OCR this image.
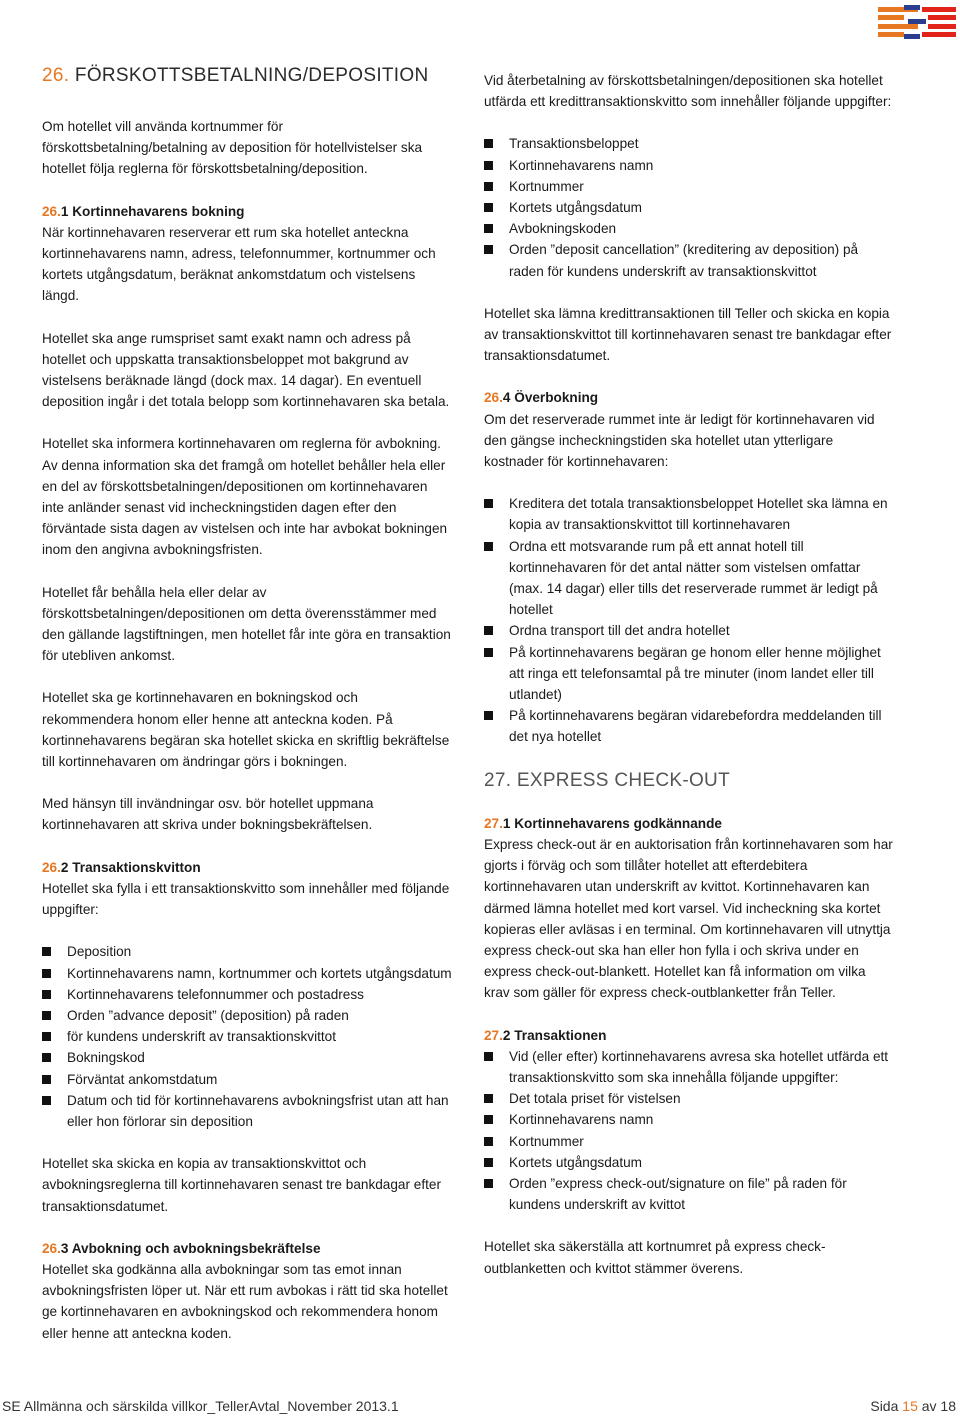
26. FÖRSKOTTSBETALNING/DEPOSITION

Om hotellet vill använda kortnummer för förskottsbetalning/betalning av deposition för hotellvistelser ska hotellet följa reglerna för förskottsbetalning/deposition.

26.1 Kortinnehavarens bokning
När kortinnehavaren reserverar ett rum ska hotellet anteckna kortinnehavarens namn, adress, telefonnummer, kortnummer och kortets utgångsdatum, beräknat ankomstdatum och vistelsens längd.

Hotellet ska ange rumspriset samt exakt namn och adress på hotellet och uppskatta transaktionsbeloppet mot bakgrund av vistelsens beräknade längd (dock max. 14 dagar). En eventuell deposition ingår i det totala belopp som kortinnehavaren ska betala.

Hotellet ska informera kortinnehavaren om reglerna för avbokning. Av denna information ska det framgå om hotellet behåller hela eller en del av förskottsbetalningen/depositionen om kortinnehavaren inte anländer senast vid incheckningstiden dagen efter den förväntade sista dagen av vistelsen och inte har avbokat bokningen inom den angivna avbokningsfristen.

Hotellet får behålla hela eller delar av förskottsbetalningen/depositionen om detta överensstämmer med den gällande lagstiftningen, men hotellet får inte göra en transaktion för utebliven ankomst.

Hotellet ska ge kortinnehavaren en bokningskod och rekommendera honom eller henne att anteckna koden. På kortinnehavarens begäran ska hotellet skicka en skriftlig bekräftelse till kortinnehavaren om ändringar görs i bokningen.

Med hänsyn till invändningar osv. bör hotellet uppmana kortinnehavaren att skriva under bokningsbekräftelsen.

26.2 Transaktionskvitton
Hotellet ska fylla i ett transaktionskvitto som innehåller med följande uppgifter:

Deposition
Kortinnehavarens namn, kortnummer och kortets utgångsdatum
Kortinnehavarens telefonnummer och postadress
Orden ”advance deposit” (deposition) på raden
för kundens underskrift av transaktionskvittot
Bokningskod
Förväntat ankomstdatum
Datum och tid för kortinnehavarens avbokningsfrist utan att han eller hon förlorar sin deposition

Hotellet ska skicka en kopia av transaktionskvittot och avbokningsreglerna till kortinnehavaren senast tre bankdagar efter transaktionsdatumet.

26.3 Avbokning och avbokningsbekräftelse
Hotellet ska godkänna alla avbokningar som tas emot innan avbokningsfristen löper ut. När ett rum avbokas i rätt tid ska hotellet ge kortinnehavaren en avbokningskod och rekommendera honom eller henne att anteckna koden.

Vid återbetalning av förskottsbetalningen/depositionen ska hotellet utfärda ett kredittransaktionskvitto som innehåller följande uppgifter:

Transaktionsbeloppet
Kortinnehavarens namn
Kortnummer
Kortets utgångsdatum
Avbokningskoden
Orden ”deposit cancellation” (kreditering av deposition) på raden för kundens underskrift av transaktionskvittot

Hotellet ska lämna kredittransaktionen till Teller och skicka en kopia av transaktionskvittot till kortinnehavaren senast tre bankdagar efter transaktionsdatumet.

26.4 Överbokning
Om det reserverade rummet inte är ledigt för kortinnehavaren vid den gängse incheckningstiden ska hotellet utan ytterligare kostnader för kortinnehavaren:

Kreditera det totala transaktionsbeloppet Hotellet ska lämna en kopia av transaktionskvittot till kortinnehavaren
Ordna ett motsvarande rum på ett annat hotell till kortinnehavaren för det antal nätter som vistelsen omfattar (max. 14 dagar) eller tills det reserverade rummet är ledigt på hotellet
Ordna transport till det andra hotellet
På kortinnehavarens begäran ge honom eller henne möjlighet att ringa ett telefonsamtal på tre minuter (inom landet eller till utlandet)
På kortinnehavarens begäran vidarebefordra meddelanden till det nya hotellet
27. EXPRESS CHECK-OUT

27.1 Kortinnehavarens godkännande
Express check-out är en auktorisation från kortinnehavaren som har gjorts i förväg och som tillåter hotellet att efterdebitera kortinnehavaren utan underskrift av kvittot. Kortinnehavaren kan därmed lämna hotellet med kort varsel. Vid incheckning ska kortet kopieras eller avläsas i en terminal. Om kortinnehavaren vill utnyttja express check-out ska han eller hon fylla i och skriva under en express check-out-blankett. Hotellet kan få information om vilka krav som gäller för express check-outblanketter från Teller.

27.2 Transaktionen
Vid (eller efter) kortinnehavarens avresa ska hotellet utfärda ett transaktionskvitto som ska innehålla följande uppgifter:
Det totala priset för vistelsen
Kortinnehavarens namn
Kortnummer
Kortets utgångsdatum
Orden ”express check-out/signature on file” på raden för kundens underskrift av kvittot

Hotellet ska säkerställa att kortnumret på express check-outblanketten och kvittot stämmer överens.

SE Allmänna och särskilda villkor_TellerAvtal_November 2013.1	Sida 15 av 18
